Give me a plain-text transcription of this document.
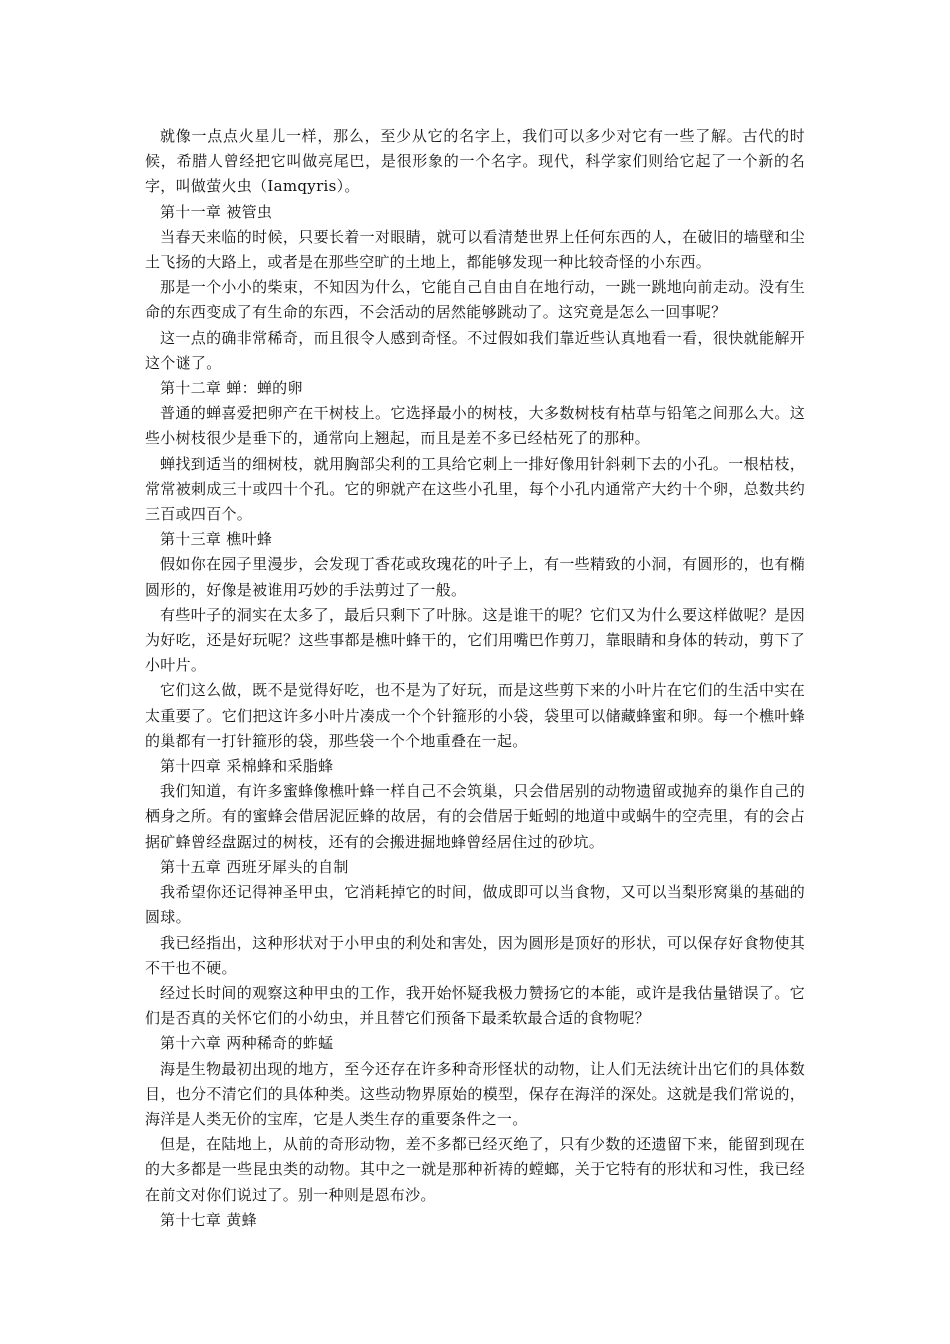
就像一点点火星儿一样，那么，至少从它的名字上，我们可以多少对它有一些了解。古代的时候，希腊人曾经把它叫做亮尾巴，是很形象的一个名字。现代，科学家们则给它起了一个新的名字，叫做萤火虫（Iamqyris）。

第十一章 被管虫

当春天来临的时候，只要长着一对眼睛，就可以看清楚世界上任何东西的人，在破旧的墙壁和尘土飞扬的大路上，或者是在那些空旷的土地上，都能够发现一种比较奇怪的小东西。

那是一个小小的柴束，不知因为什么，它能自己自由自在地行动，一跳一跳地向前走动。没有生命的东西变成了有生命的东西，不会活动的居然能够跳动了。这究竟是怎么一回事呢？

这一点的确非常稀奇，而且很令人感到奇怪。不过假如我们靠近些认真地看一看，很快就能解开这个谜了。

第十二章 蝉：蝉的卵

普通的蝉喜爱把卵产在干树枝上。它选择最小的树枝，大多数树枝有枯草与铅笔之间那么大。这些小树枝很少是垂下的，通常向上翘起，而且是差不多已经枯死了的那种。

蝉找到适当的细树枝，就用胸部尖利的工具给它刺上一排好像用针斜刺下去的小孔。一根枯枝，常常被刺成三十或四十个孔。它的卵就产在这些小孔里，每个小孔内通常产大约十个卵，总数共约三百或四百个。

第十三章 樵叶蜂

假如你在园子里漫步，会发现丁香花或玫瑰花的叶子上，有一些精致的小洞，有圆形的，也有椭圆形的，好像是被谁用巧妙的手法剪过了一般。

有些叶子的洞实在太多了，最后只剩下了叶脉。这是谁干的呢？它们又为什么要这样做呢？是因为好吃，还是好玩呢？这些事都是樵叶蜂干的，它们用嘴巴作剪刀，靠眼睛和身体的转动，剪下了小叶片。

它们这么做，既不是觉得好吃，也不是为了好玩，而是这些剪下来的小叶片在它们的生活中实在太重要了。它们把这许多小叶片凑成一个个针箍形的小袋，袋里可以储藏蜂蜜和卵。每一个樵叶蜂的巢都有一打针箍形的袋，那些袋一个个地重叠在一起。

第十四章 采棉蜂和采脂蜂

我们知道，有许多蜜蜂像樵叶蜂一样自己不会筑巢，只会借居别的动物遗留或抛弃的巢作自己的栖身之所。有的蜜蜂会借居泥匠蜂的故居，有的会借居于蚯蚓的地道中或蜗牛的空壳里，有的会占据矿蜂曾经盘踞过的树枝，还有的会搬进掘地蜂曾经居住过的砂坑。

第十五章 西班牙犀头的自制

我希望你还记得神圣甲虫，它消耗掉它的时间，做成即可以当食物，又可以当梨形窝巢的基础的圆球。

我已经指出，这种形状对于小甲虫的利处和害处，因为圆形是顶好的形状，可以保存好食物使其不干也不硬。

经过长时间的观察这种甲虫的工作，我开始怀疑我极力赞扬它的本能，或许是我估量错误了。它们是否真的关怀它们的小幼虫，并且替它们预备下最柔软最合适的食物呢？

第十六章 两种稀奇的蚱蜢

海是生物最初出现的地方，至今还存在许多种奇形怪状的动物，让人们无法统计出它们的具体数目，也分不清它们的具体种类。这些动物界原始的模型，保存在海洋的深处。这就是我们常说的，海洋是人类无价的宝库，它是人类生存的重要条件之一。

但是，在陆地上，从前的奇形动物，差不多都已经灭绝了，只有少数的还遗留下来，能留到现在的大多都是一些昆虫类的动物。其中之一就是那种祈祷的螳螂，关于它特有的形状和习性，我已经在前文对你们说过了。别一种则是恩布沙。

第十七章 黄蜂
